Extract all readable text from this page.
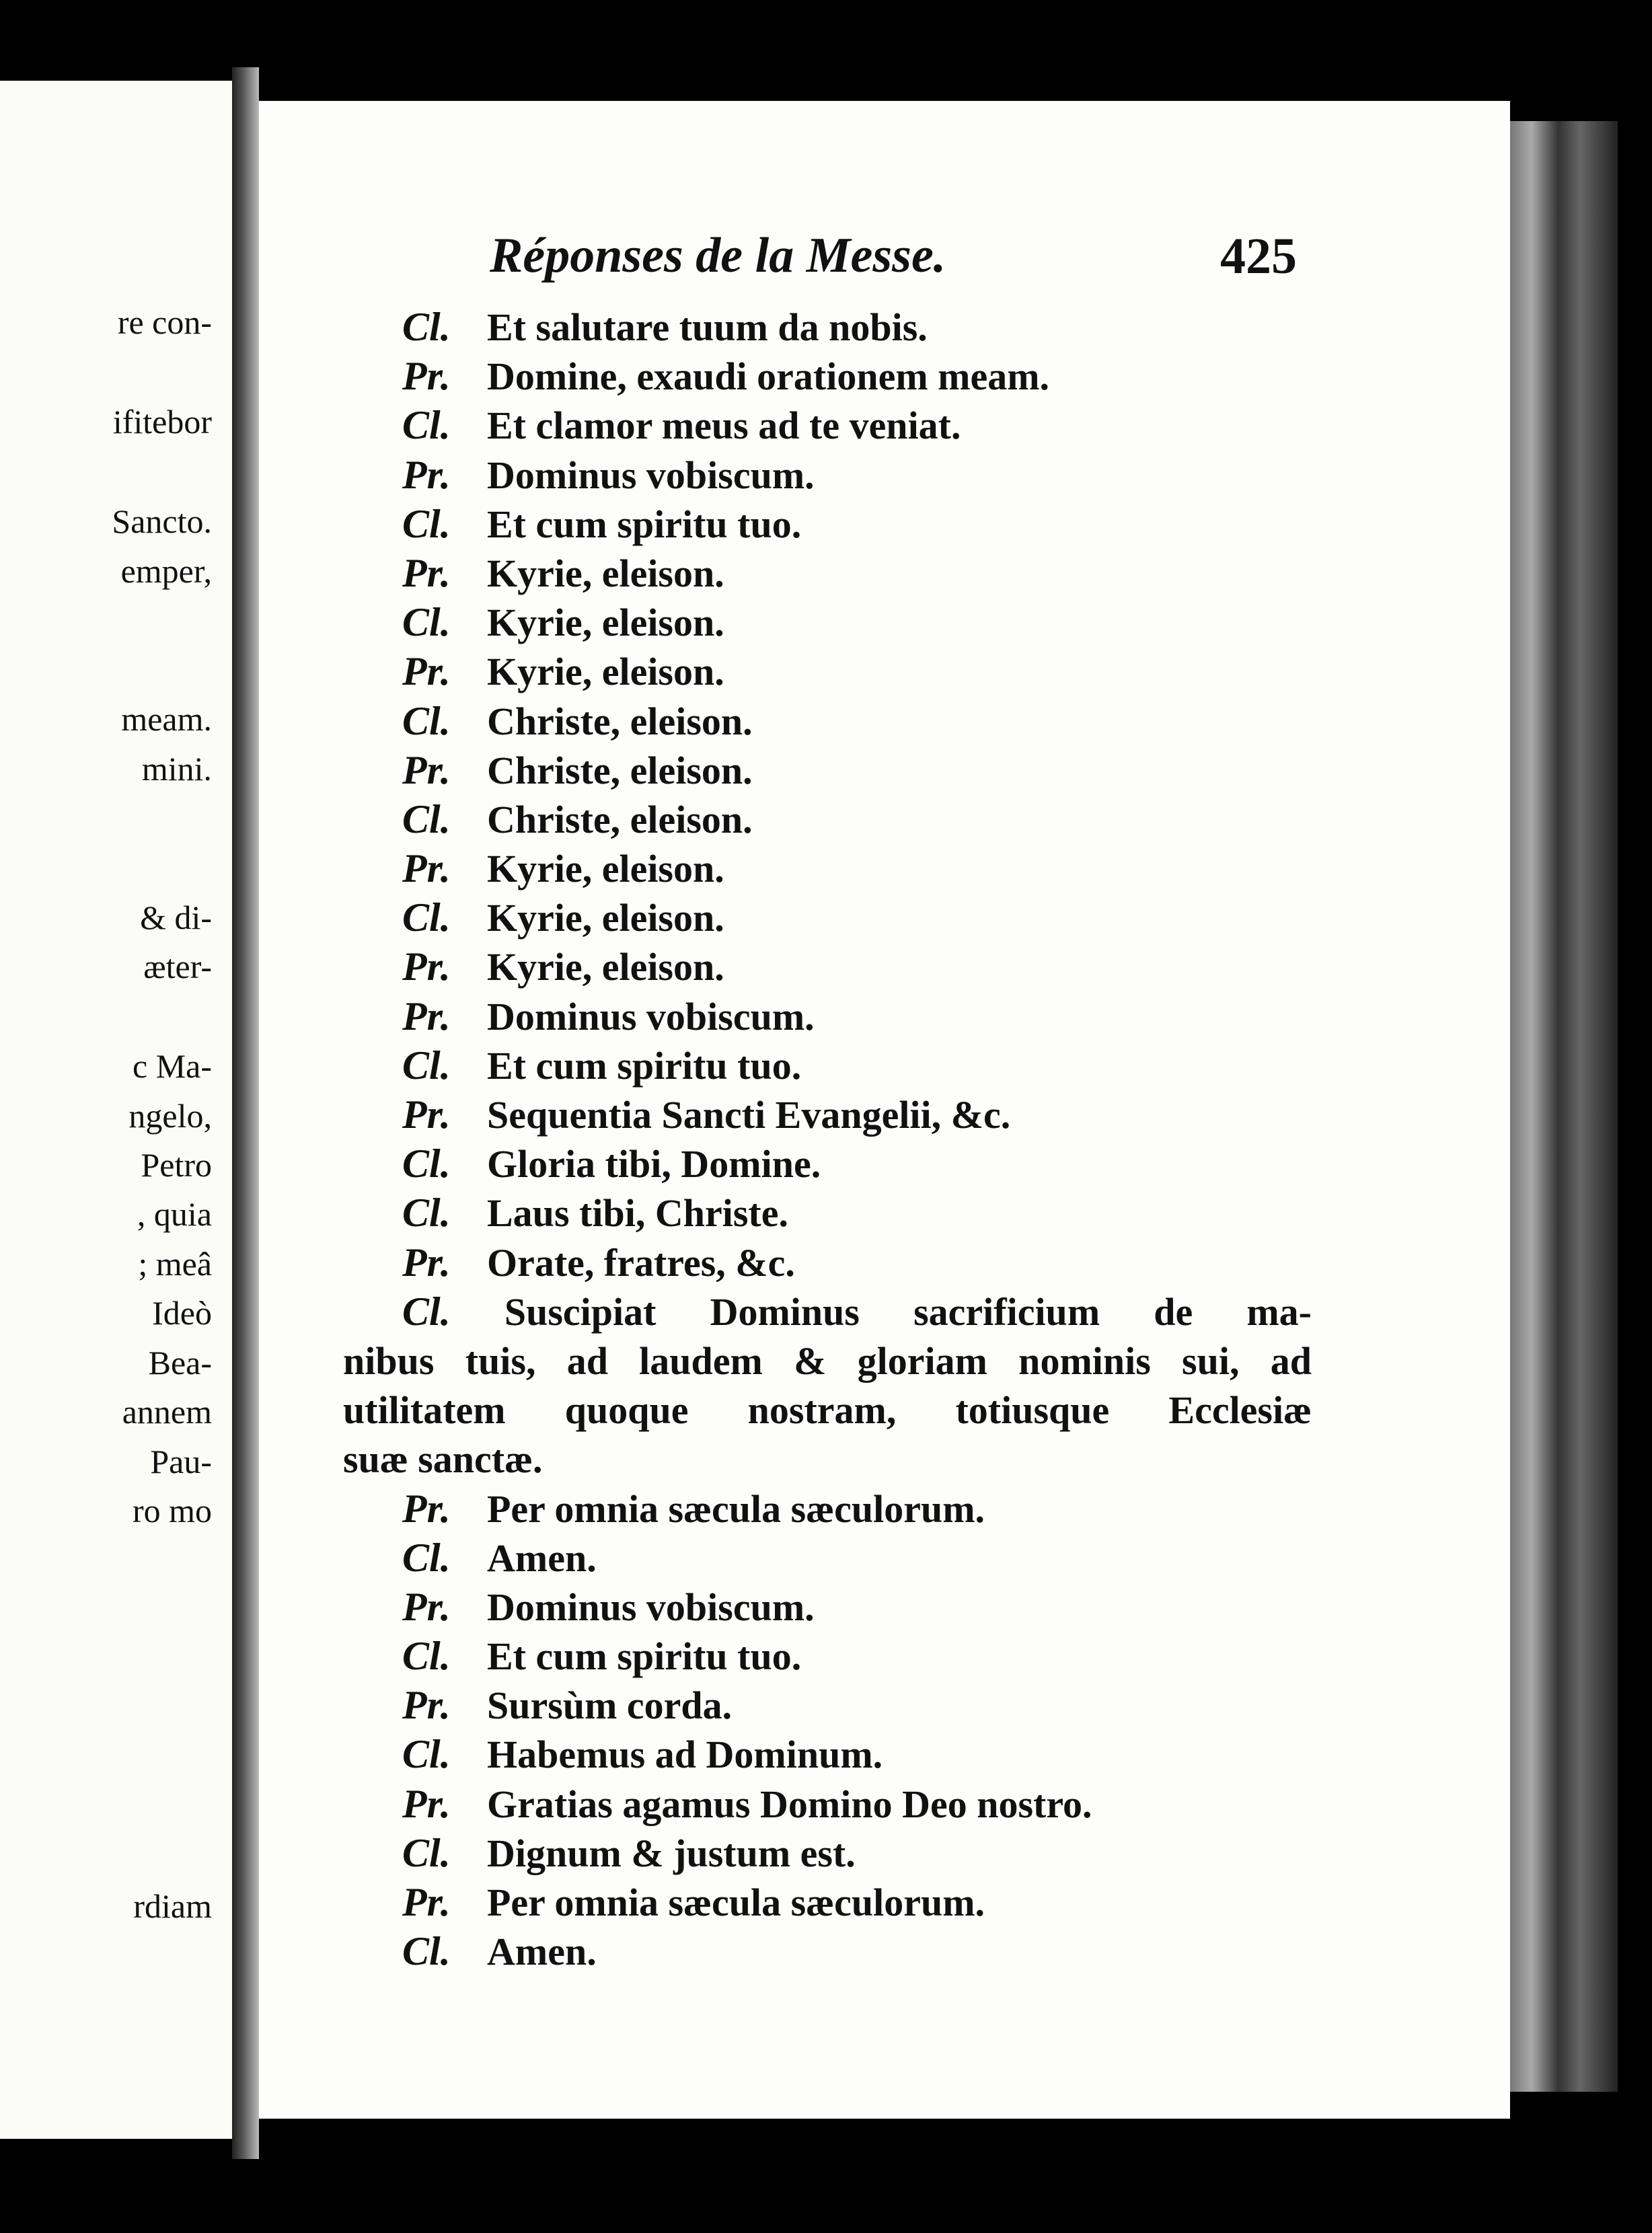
re con-
ifitebor
Sancto.
emper,
meam.
mini.
& di-
æter-
c Ma-
ngelo,
Petro
, quia
; meâ
Ideò
Bea-
annem
Pau-
ro mo
rdiam
Réponses de la Messe.	425
Cl. Et salutare tuum da nobis.
Pr. Domine, exaudi orationem meam.
Cl. Et clamor meus ad te veniat.
Pr. Dominus vobiscum.
Cl. Et cum spiritu tuo.
Pr. Kyrie, eleison.
Cl. Kyrie, eleison.
Pr. Kyrie, eleison.
Cl. Christe, eleison.
Pr. Christe, eleison.
Cl. Christe, eleison.
Pr. Kyrie, eleison.
Cl. Kyrie, eleison.
Pr. Kyrie, eleison.
Pr. Dominus vobiscum.
Cl. Et cum spiritu tuo.
Pr. Sequentia Sancti Evangelii, &c.
Cl. Gloria tibi, Domine.
Cl. Laus tibi, Christe.
Pr. Orate, fratres, &c.
Cl. Suscipiat Dominus sacrificium de ma-
nibus tuis, ad laudem & gloriam nominis sui, ad
utilitatem quoque nostram, totiusque Ecclesiæ
suæ sanctæ.
Pr. Per omnia sæcula sæculorum.
Cl. Amen.
Pr. Dominus vobiscum.
Cl. Et cum spiritu tuo.
Pr. Sursùm corda.
Cl. Habemus ad Dominum.
Pr. Gratias agamus Domino Deo nostro.
Cl. Dignum & justum est.
Pr. Per omnia sæcula sæculorum.
Cl. Amen.
